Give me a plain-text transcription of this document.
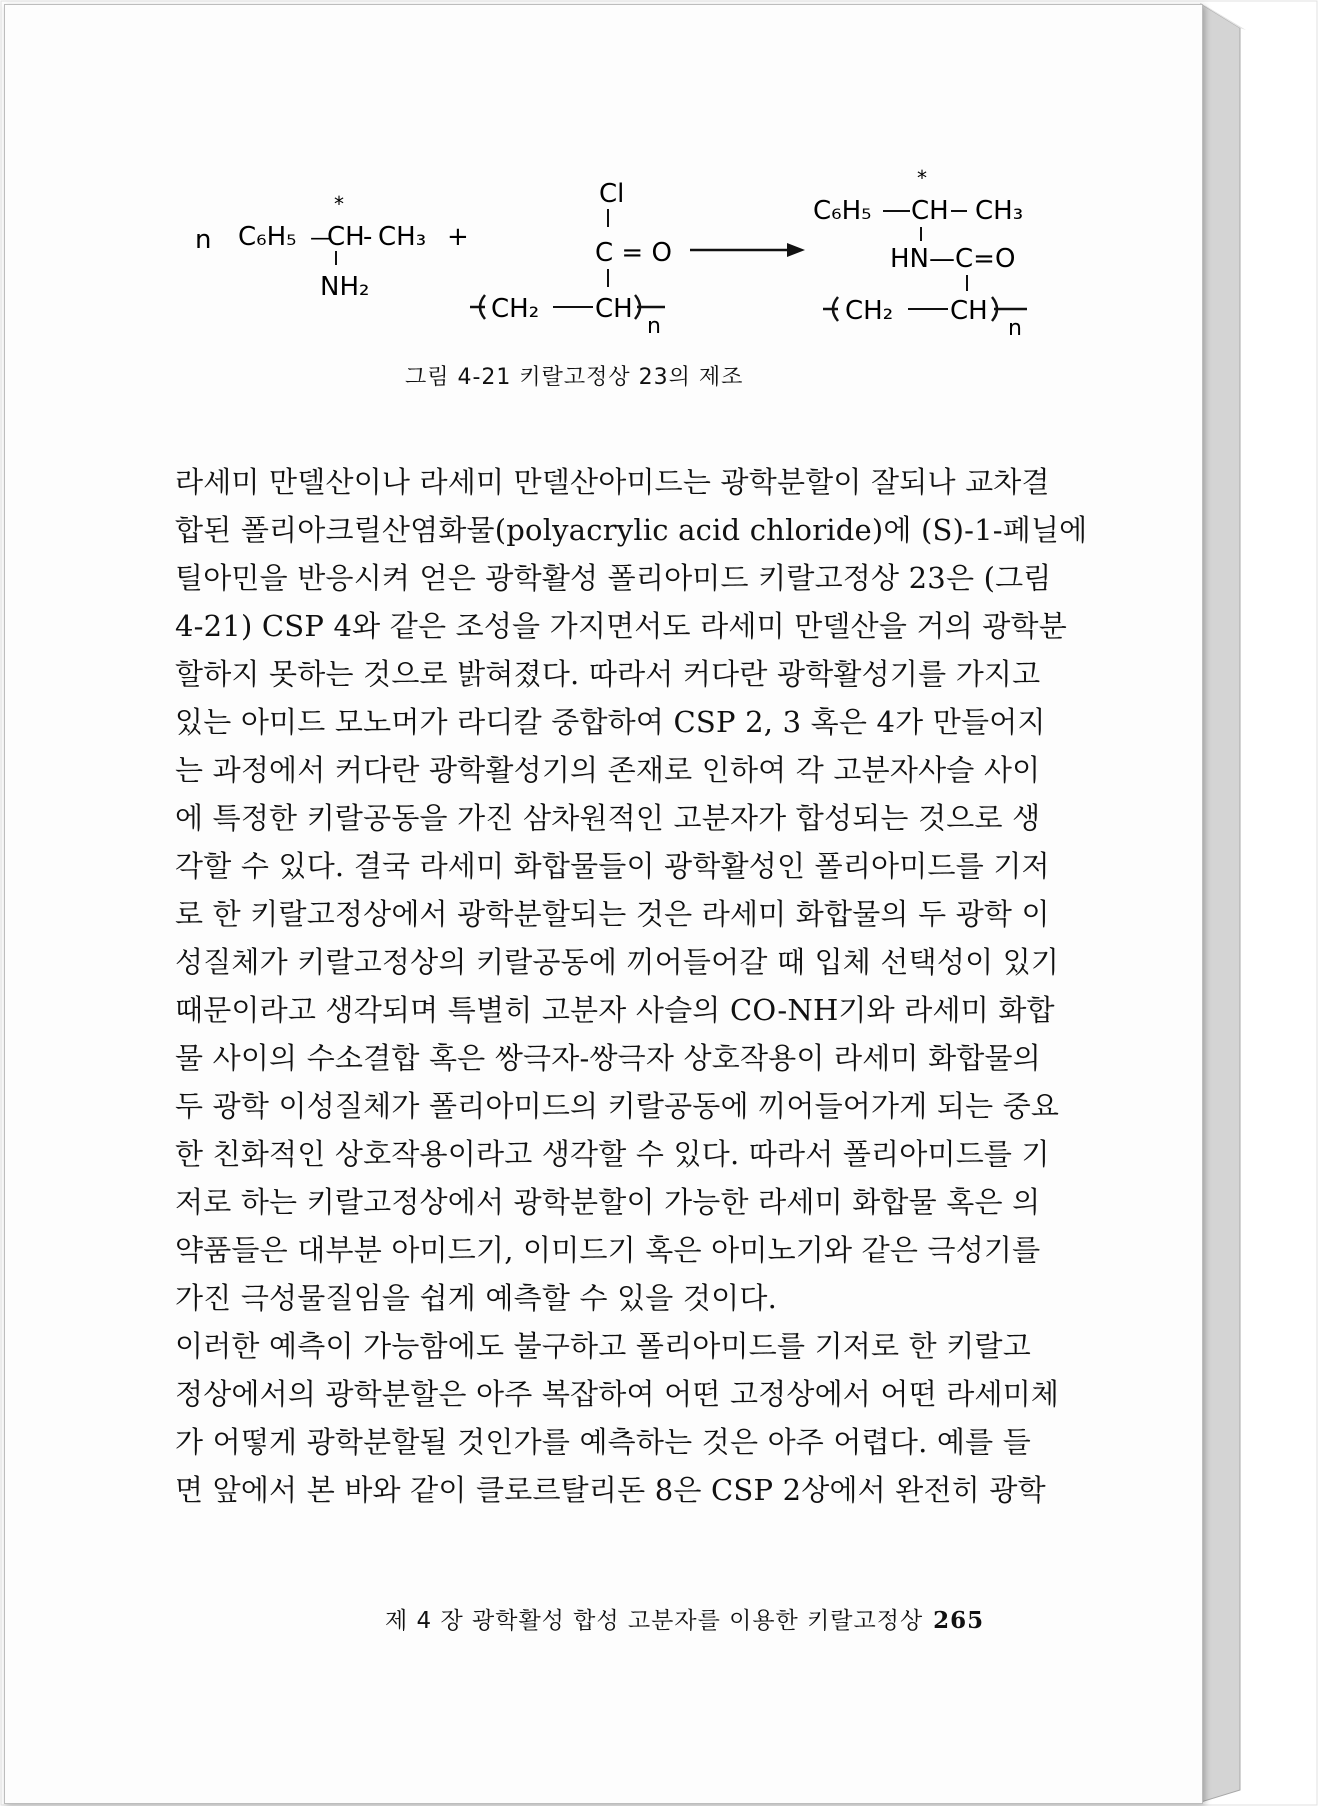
n C₆H₅ —
*
CH
- CH₃
NH₂
+
Cl
C = O
CH₂ CH
n
C₆H₅
*
CH CH₃
HN—C=O
CH₂ CH
n
그림 4-21 키랄고정상 23의 제조
라세미 만델산이나 라세미 만델산아미드는 광학분할이 잘되나 교차결
합된 폴리아크릴산염화물(polyacrylic acid chloride)에 (S)-1-페닐에
틸아민을 반응시켜 얻은 광학활성 폴리아미드 키랄고정상 23은 (그림
4-21) CSP 4와 같은 조성을 가지면서도 라세미 만델산을 거의 광학분
할하지 못하는 것으로 밝혀졌다. 따라서 커다란 광학활성기를 가지고
있는 아미드 모노머가 라디칼 중합하여 CSP 2, 3 혹은 4가 만들어지
는 과정에서 커다란 광학활성기의 존재로 인하여 각 고분자사슬 사이
에 특정한 키랄공동을 가진 삼차원적인 고분자가 합성되는 것으로 생
각할 수 있다. 결국 라세미 화합물들이 광학활성인 폴리아미드를 기저
로 한 키랄고정상에서 광학분할되는 것은 라세미 화합물의 두 광학 이
성질체가 키랄고정상의 키랄공동에 끼어들어갈 때 입체 선택성이 있기
때문이라고 생각되며 특별히 고분자 사슬의 CO-NH기와 라세미 화합
물 사이의 수소결합 혹은 쌍극자-쌍극자 상호작용이 라세미 화합물의
두 광학 이성질체가 폴리아미드의 키랄공동에 끼어들어가게 되는 중요
한 친화적인 상호작용이라고 생각할 수 있다. 따라서 폴리아미드를 기
저로 하는 키랄고정상에서 광학분할이 가능한 라세미 화합물 혹은 의
약품들은 대부분 아미드기, 이미드기 혹은 아미노기와 같은 극성기를
가진 극성물질임을 쉽게 예측할 수 있을 것이다.
이러한 예측이 가능함에도 불구하고 폴리아미드를 기저로 한 키랄고
정상에서의 광학분할은 아주 복잡하여 어떤 고정상에서 어떤 라세미체
가 어떻게 광학분할될 것인가를 예측하는 것은 아주 어렵다. 예를 들
면 앞에서 본 바와 같이 클로르탈리돈 8은 CSP 2상에서 완전히 광학
제 4 장 광학활성 합성 고분자를 이용한 키랄고정상 265
